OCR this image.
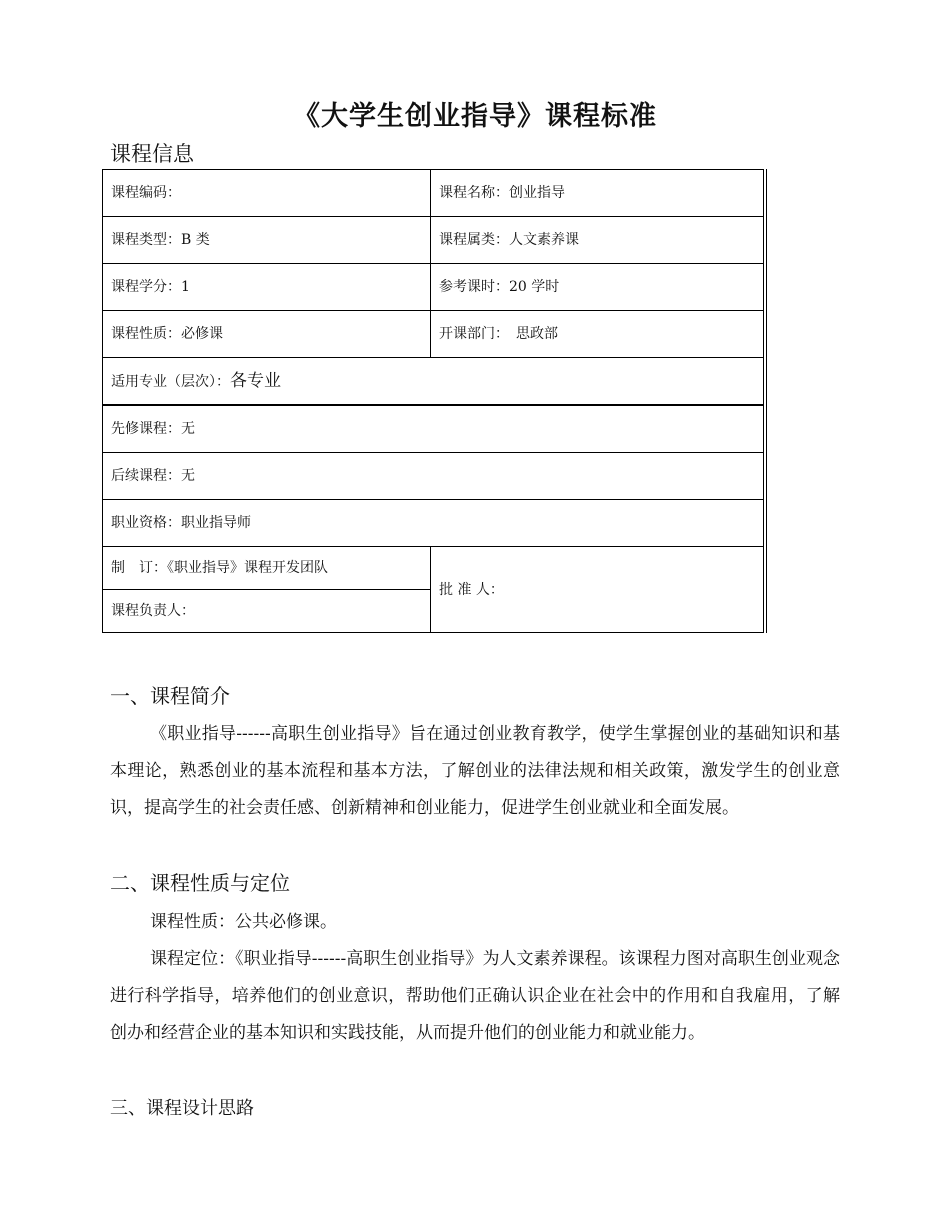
《大学生创业指导》课程标准
课程信息
课程编码：	课程名称：创业指导
课程类型：B 类	课程属类：人文素养课
课程学分：1	参考课时：20 学时
课程性质：必修课	开课部门：　思政部
适用专业（层次）：各专业	
先修课程：无	
后续课程：无	
职业资格：职业指导师	
制　订：《职业指导》课程开发团队	批 准 人：
课程负责人：	
一、课程简介
《职业指导------高职生创业指导》旨在通过创业教育教学，使学生掌握创业的基础知识和基本理论，熟悉创业的基本流程和基本方法，了解创业的法律法规和相关政策，激发学生的创业意识，提高学生的社会责任感、创新精神和创业能力，促进学生创业就业和全面发展。
二、课程性质与定位
课程性质：公共必修课。
课程定位：《职业指导------高职生创业指导》为人文素养课程。该课程力图对高职生创业观念进行科学指导，培养他们的创业意识，帮助他们正确认识企业在社会中的作用和自我雇用，了解创办和经营企业的基本知识和实践技能，从而提升他们的创业能力和就业能力。
三、课程设计思路
